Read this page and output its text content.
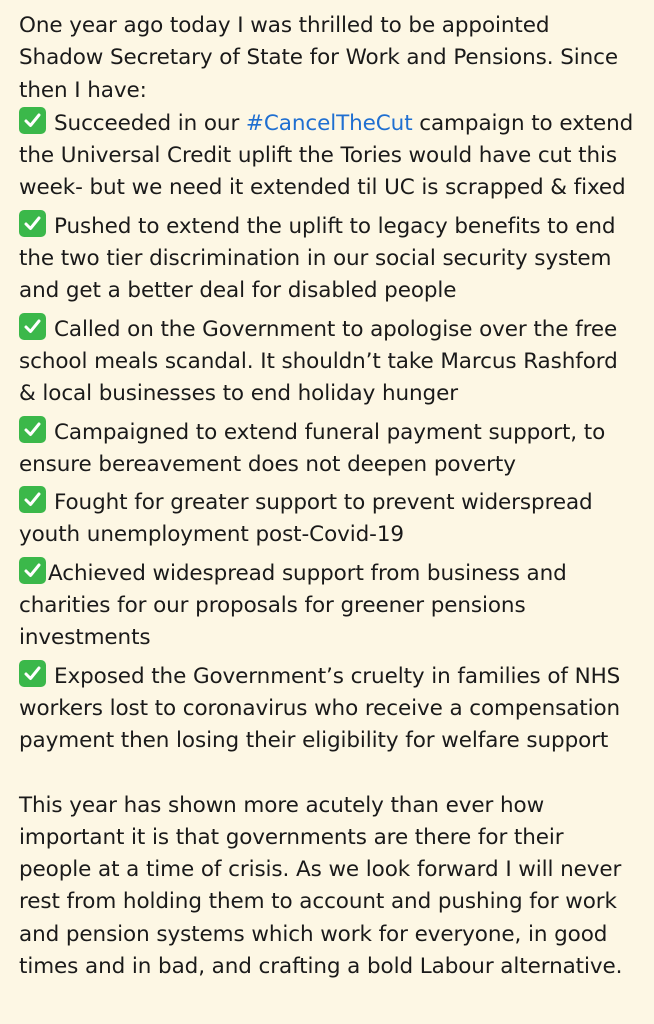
One year ago today I was thrilled to be appointed Shadow Secretary of State for Work and Pensions. Since then I have:

Succeeded in our #CancelTheCut campaign to extend the Universal Credit uplift the Tories would have cut this week- but we need it extended til UC is scrapped & fixed
Pushed to extend the uplift to legacy benefits to end the two tier discrimination in our social security system and get a better deal for disabled people
Called on the Government to apologise over the free school meals scandal. It shouldn’t take Marcus Rashford & local businesses to end holiday hunger
Campaigned to extend funeral payment support, to ensure bereavement does not deepen poverty
Fought for greater support to prevent widerspread youth unemployment post-Covid-19
Achieved widespread support from business and charities for our proposals for greener pensions investments
Exposed the Government’s cruelty in families of NHS workers lost to coronavirus who receive a compensation payment then losing their eligibility for welfare support

This year has shown more acutely than ever how important it is that governments are there for their people at a time of crisis. As we look forward I will never rest from holding them to account and pushing for work and pension systems which work for everyone, in good times and in bad, and crafting a bold Labour alternative.
